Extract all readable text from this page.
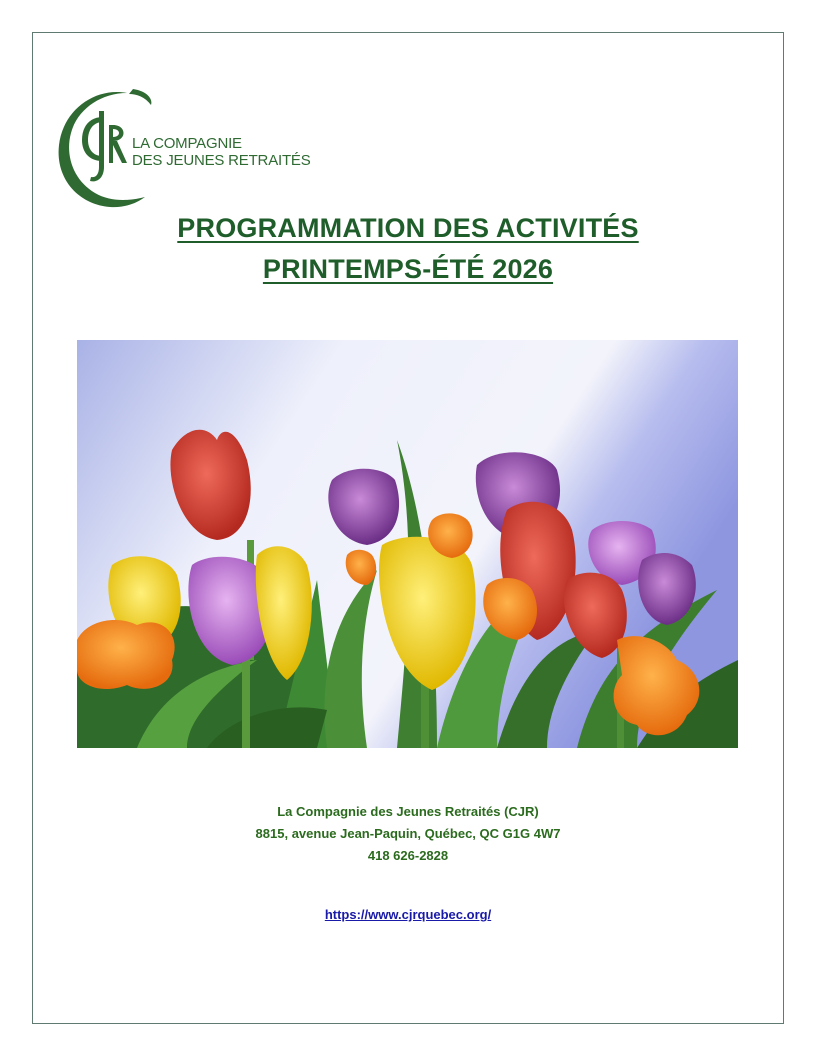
LA COMPAGNIE
DES JEUNES RETRAITÉS
PROGRAMMATION DES ACTIVITÉS
PRINTEMPS-ÉTÉ 2026
La Compagnie des Jeunes Retraités (CJR)
8815, avenue Jean-Paquin, Québec, QC G1G 4W7
418 626-2828
https://www.cjrquebec.org/
